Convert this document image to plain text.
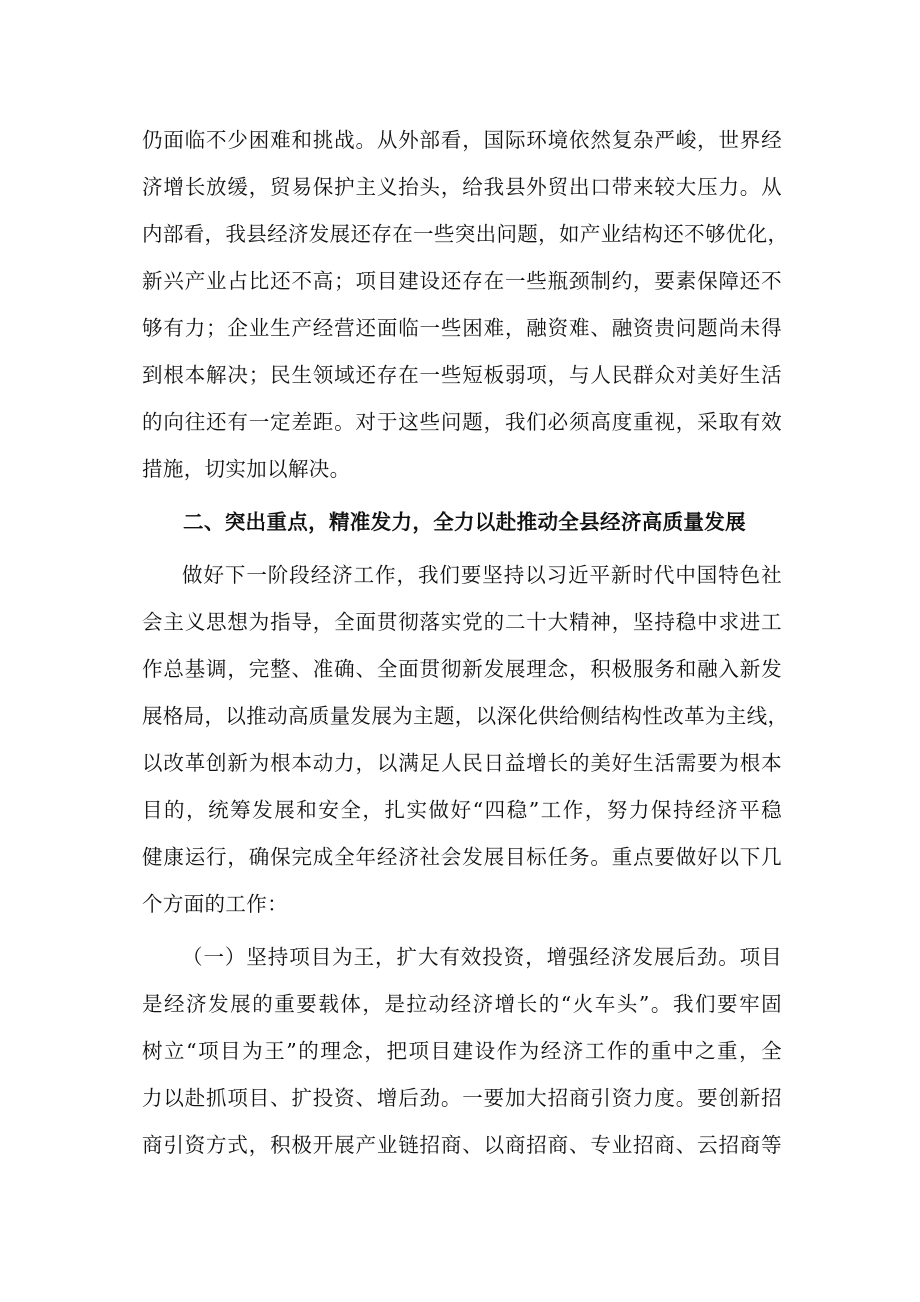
仍面临不少困难和挑战。从外部看，国际环境依然复杂严峻，世界经
济增长放缓，贸易保护主义抬头，给我县外贸出口带来较大压力。从
内部看，我县经济发展还存在一些突出问题，如产业结构还不够优化，
新兴产业占比还不高；项目建设还存在一些瓶颈制约，要素保障还不
够有力；企业生产经营还面临一些困难，融资难、融资贵问题尚未得
到根本解决；民生领域还存在一些短板弱项，与人民群众对美好生活
的向往还有一定差距。对于这些问题，我们必须高度重视，采取有效
措施，切实加以解决。
二、突出重点，精准发力，全力以赴推动全县经济高质量发展
做好下一阶段经济工作，我们要坚持以习近平新时代中国特色社
会主义思想为指导，全面贯彻落实党的二十大精神，坚持稳中求进工
作总基调，完整、准确、全面贯彻新发展理念，积极服务和融入新发
展格局，以推动高质量发展为主题，以深化供给侧结构性改革为主线，
以改革创新为根本动力，以满足人民日益增长的美好生活需要为根本
目的，统筹发展和安全，扎实做好“四稳”工作，努力保持经济平稳
健康运行，确保完成全年经济社会发展目标任务。重点要做好以下几
个方面的工作：
（一）坚持项目为王，扩大有效投资，增强经济发展后劲。项目
是经济发展的重要载体，是拉动经济增长的“火车头”。我们要牢固
树立“项目为王”的理念，把项目建设作为经济工作的重中之重，全
力以赴抓项目、扩投资、增后劲。一要加大招商引资力度。要创新招
商引资方式，积极开展产业链招商、以商招商、专业招商、云招商等
